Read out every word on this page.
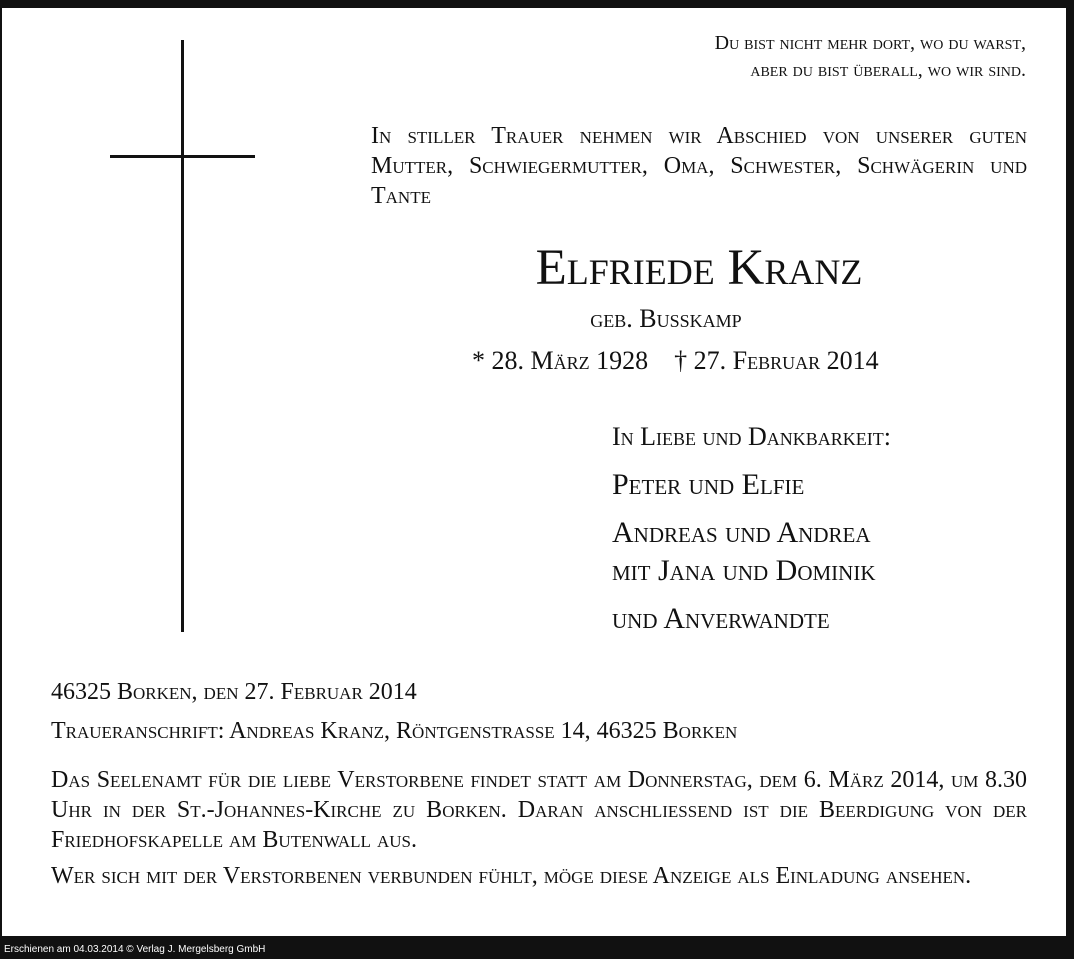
Du bist nicht mehr dort, wo du warst,
aber du bist überall, wo wir sind.
In stiller Trauer nehmen wir Abschied von unserer guten Mutter, Schwiegermutter, Oma, Schwester, Schwägerin und Tante
Elfriede Kranz
geb. Bußkamp
* 28. März 1928 † 27. Februar 2014
In Liebe und Dankbarkeit:
Peter und Elfie
Andreas und Andrea
mit Jana und Dominik
und Anverwandte
46325 Borken, den 27. Februar 2014
Traueranschrift: Andreas Kranz, Röntgenstraße 14, 46325 Borken
Das Seelenamt für die liebe Verstorbene findet statt am Donnerstag, dem 6. März 2014, um 8.30 Uhr in der St.-Johannes-Kirche zu Borken. Daran anschließend ist die Beerdigung von der Friedhofskapelle am Butenwall aus.
Wer sich mit der Verstorbenen verbunden fühlt, möge diese Anzeige als Einladung ansehen.
Erschienen am 04.03.2014 © Verlag J. Mergelsberg GmbH
